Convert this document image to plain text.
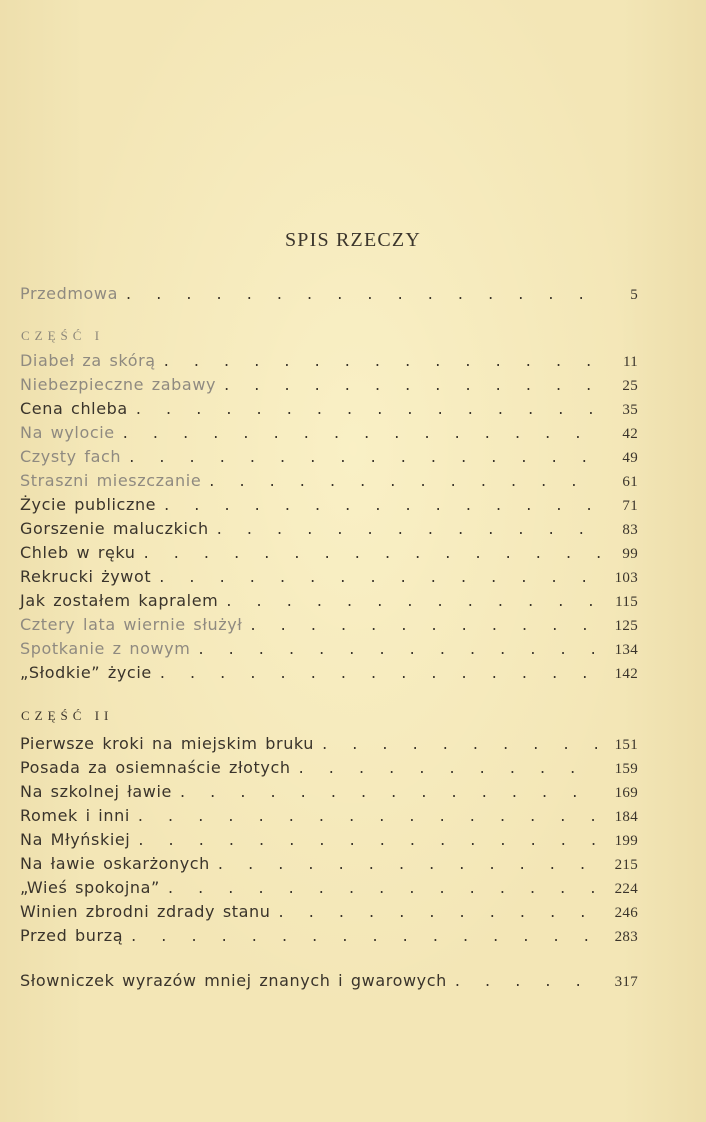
SPIS RZECZY
Przedmowa . . .	5
CZĘŚĆ I
Diabeł za skórą . . .	11
Niebezpieczne zabawy . . .	25
Cena chleba . . .	35
Na wylocie . . .	42
Czysty fach . . .	49
Straszni mieszczanie . . .	61
Życie publiczne . . .	71
Gorszenie maluczkich . . .	83
Chleb w ręku . . .	99
Rekrucki żywot . . .	103
Jak zostałem kapralem . . .	115
Cztery lata wiernie służył . . .	125
Spotkanie z nowym . . .	134
„Słodkie” życie . . .	142
CZĘŚĆ II
Pierwsze kroki na miejskim bruku . . .	151
Posada za osiemnaście złotych . . .	159
Na szkolnej ławie . . .	169
Romek i inni . . .	184
Na Młyńskiej . . .	199
Na ławie oskarżonych . . .	215
„Wieś spokojna” . . .	224
Winien zbrodni zdrady stanu . . .	246
Przed burzą . . .	283
Słowniczek wyrazów mniej znanych i gwarowych . . .	317
